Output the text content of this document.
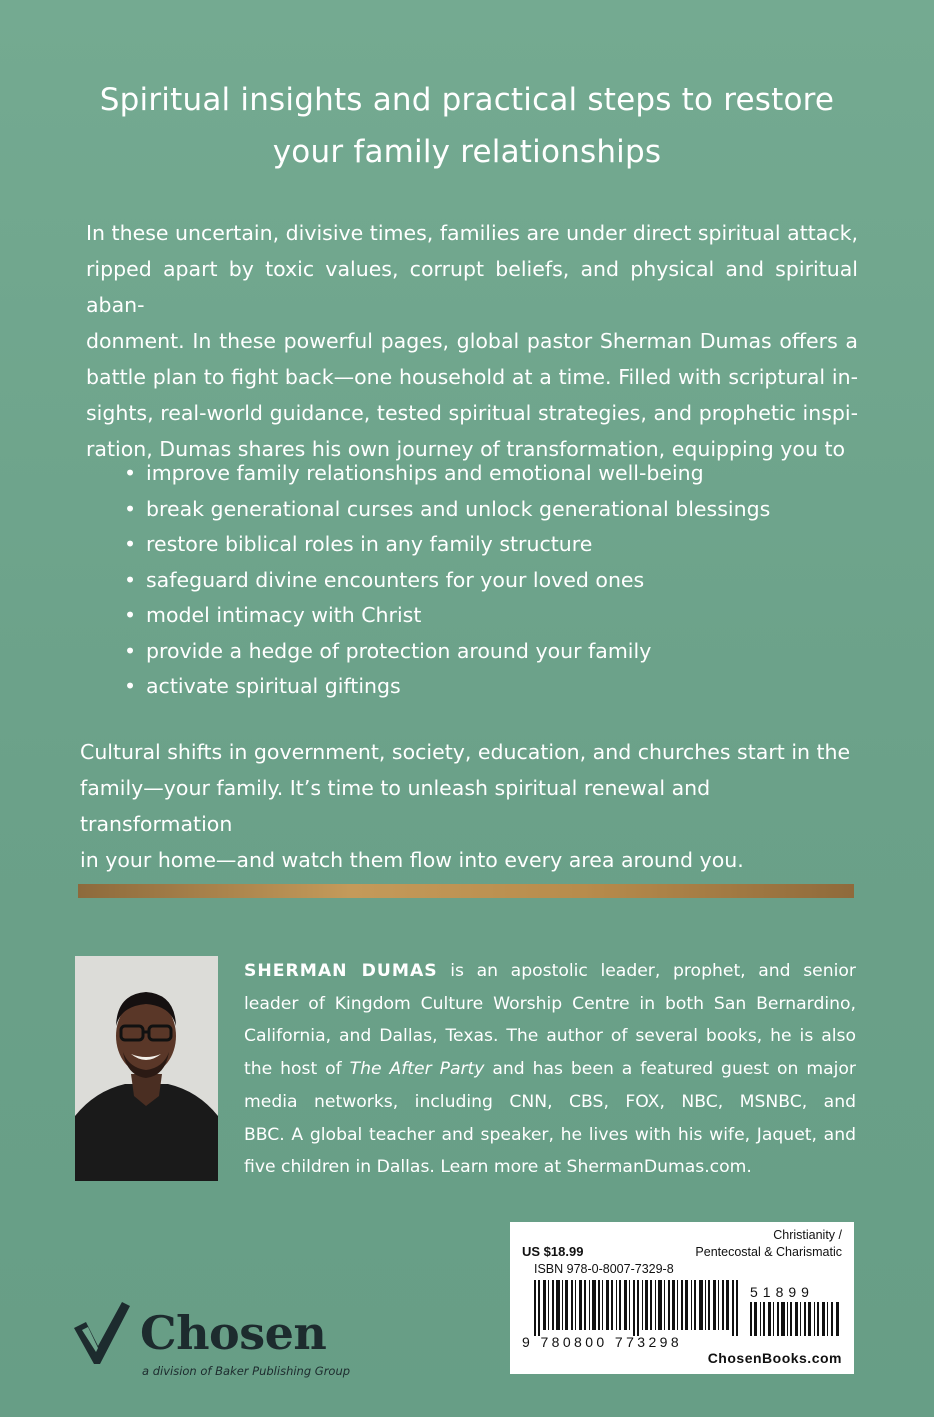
Spiritual insights and practical steps to restore
your family relationships
In these uncertain, divisive times, families are under direct spiritual attack,
ripped apart by toxic values, corrupt beliefs, and physical and spiritual aban-
donment. In these powerful pages, global pastor Sherman Dumas offers a
battle plan to fight back—one household at a time. Filled with scriptural in-
sights, real-world guidance, tested spiritual strategies, and prophetic inspi-
ration, Dumas shares his own journey of transformation, equipping you to
• improve family relationships and emotional well-being
• break generational curses and unlock generational blessings
• restore biblical roles in any family structure
• safeguard divine encounters for your loved ones
• model intimacy with Christ
• provide a hedge of protection around your family
• activate spiritual giftings
Cultural shifts in government, society, education, and churches start in the
family—your family. It’s time to unleash spiritual renewal and transformation
in your home—and watch them flow into every area around you.
SHERMAN DUMAS is an apostolic leader, prophet, and senior
leader of Kingdom Culture Worship Centre in both San Bernardino,
California, and Dallas, Texas. The author of several books, he is also
the host of The After Party and has been a featured guest on major
media networks, including CNN, CBS, FOX, NBC, MSNBC, and
BBC. A global teacher and speaker, he lives with his wife, Jaquet, and
five children in Dallas. Learn more at ShermanDumas.com.
Chosen
a division of Baker Publishing Group
Christianity /
Pentecostal & Charismatic
US $18.99
ISBN 978-0-8007-7329-8
51899
9 780800 773298
ChosenBooks.com
